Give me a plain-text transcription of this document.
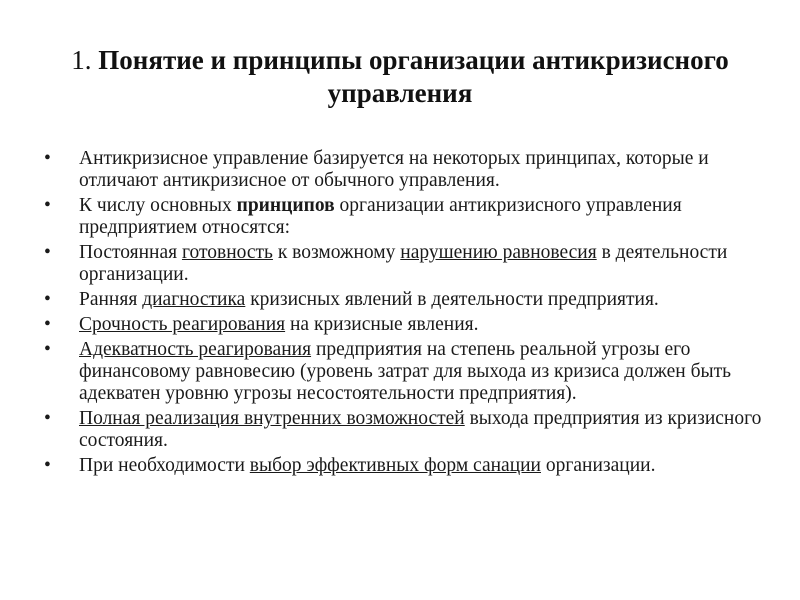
1. Понятие и принципы организации антикризисного
управления
• Антикризисное управление базируется на некоторых принципах, которые и отличают антикризисное от обычного управления.
• К числу основных принципов организации антикризисного управления предприятием относятся:
• Постоянная готовность к возможному нарушению равновесия в деятельности организации.
• Ранняя диагностика кризисных явлений в деятельности предприятия.
• Срочность реагирования на кризисные явления.
• Адекватность реагирования предприятия на степень реальной угрозы его финансовому равновесию (уровень затрат для выхода из кризиса должен быть адекватен уровню угрозы несостоятельности предприятия).
• Полная реализация внутренних возможностей выхода предприятия из кризисного состояния.
• При необходимости выбор эффективных форм санации организации.
